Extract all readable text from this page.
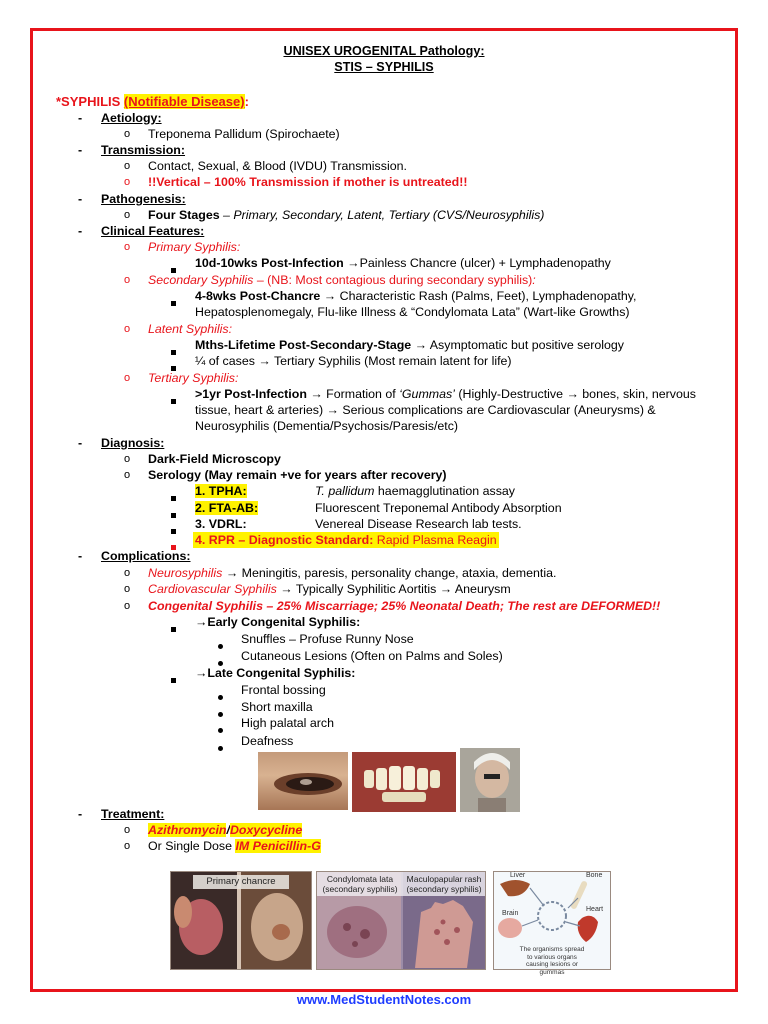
UNISEX UROGENITAL Pathology:
STIS – SYPHILIS
*SYPHILIS (Notifiable Disease):
- Aetiology:
o Treponema Pallidum (Spirochaete)
- Transmission:
o Contact, Sexual, & Blood (IVDU) Transmission.
o !!Vertical – 100% Transmission if mother is untreated!!
- Pathogenesis:
o Four Stages – Primary, Secondary, Latent, Tertiary (CVS/Neurosyphilis)
- Clinical Features:
o Primary Syphilis:
10d-10wks Post-Infection →Painless Chancre (ulcer) + Lymphadenopathy
o Secondary Syphilis – (NB: Most contagious during secondary syphilis):
4-8wks Post-Chancre → Characteristic Rash (Palms, Feet), Lymphadenopathy,
Hepatosplenomegaly, Flu-like Illness & “Condylomata Lata” (Wart-like Growths)
o Latent Syphilis:
Mths-Lifetime Post-Secondary-Stage → Asymptomatic but positive serology
¼ of cases → Tertiary Syphilis (Most remain latent for life)
o Tertiary Syphilis:
>1yr Post-Infection → Formation of ‘Gummas’ (Highly-Destructive → bones, skin, nervous
tissue, heart & arteries) → Serious complications are Cardiovascular (Aneurysms) &
Neurosyphilis (Dementia/Psychosis/Paresis/etc)
- Diagnosis:
o Dark-Field Microscopy
o Serology (May remain +ve for years after recovery)
1. TPHA:	T. pallidum haemagglutination assay
2. FTA-AB:	Fluorescent Treponemal Antibody Absorption
3. VDRL:	Venereal Disease Research lab tests.
4. RPR – Diagnostic Standard: Rapid Plasma Reagin
- Complications:
o Neurosyphilis → Meningitis, paresis, personality change, ataxia, dementia.
o Cardiovascular Syphilis → Typically Syphilitic Aortitis → Aneurysm
o Congenital Syphilis – 25% Miscarriage; 25% Neonatal Death; The rest are DEFORMED!!
→Early Congenital Syphilis:
Snuffles – Profuse Runny Nose
Cutaneous Lesions (Often on Palms and Soles)
→Late Congenital Syphilis:
Frontal bossing
Short maxilla
High palatal arch
Deafness
- Treatment:
o Azithromycin/Doxycycline
o Or Single Dose IM Penicillin-G
Primary chancre	Condylomata lata
(secondary syphilis)
Maculopapular rash
(secondary syphilis)
Liver	Bone
Brain
Heart
The organisms spread to various organs causing lesions or gummas
www.MedStudentNotes.com
